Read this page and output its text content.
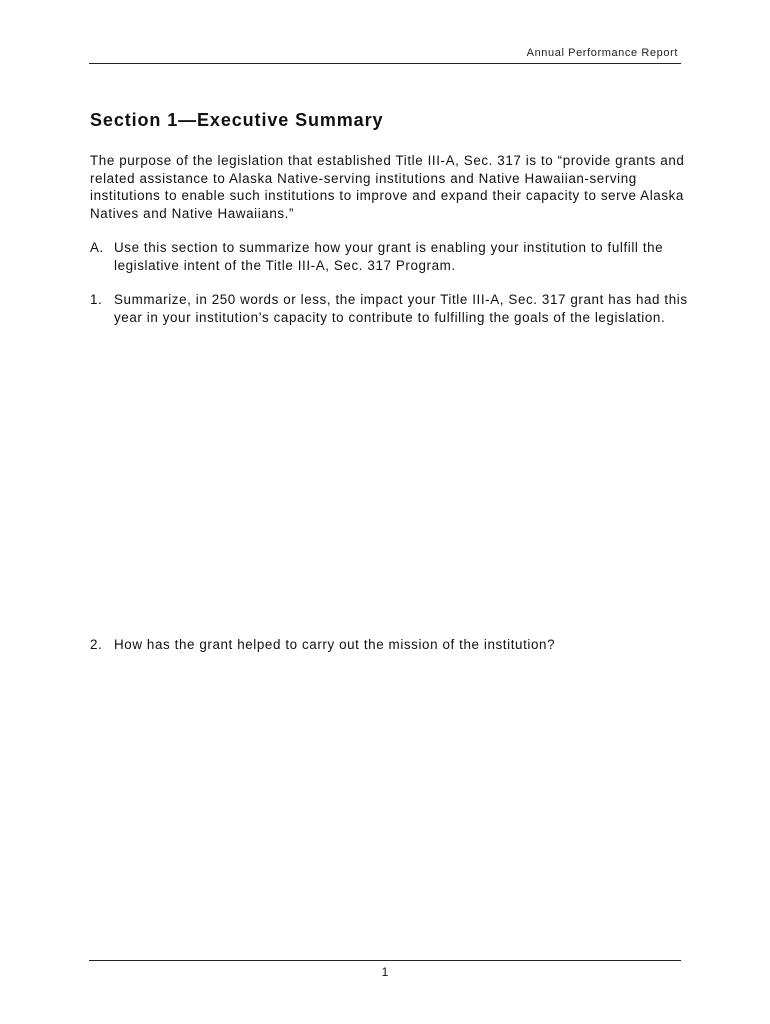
Annual Performance Report
Section 1—Executive Summary

The purpose of the legislation that established Title III-A, Sec. 317 is to “provide grants and related assistance to Alaska Native-serving institutions and Native Hawaiian-serving institutions to enable such institutions to improve and expand their capacity to serve Alaska Natives and Native Hawaiians.”

A. Use this section to summarize how your grant is enabling your institution to fulfill the legislative intent of the Title III-A, Sec. 317 Program.
1. Summarize, in 250 words or less, the impact your Title III-A, Sec. 317 grant has had this year in your institution’s capacity to contribute to fulfilling the goals of the legislation.
2. How has the grant helped to carry out the mission of the institution?
1
